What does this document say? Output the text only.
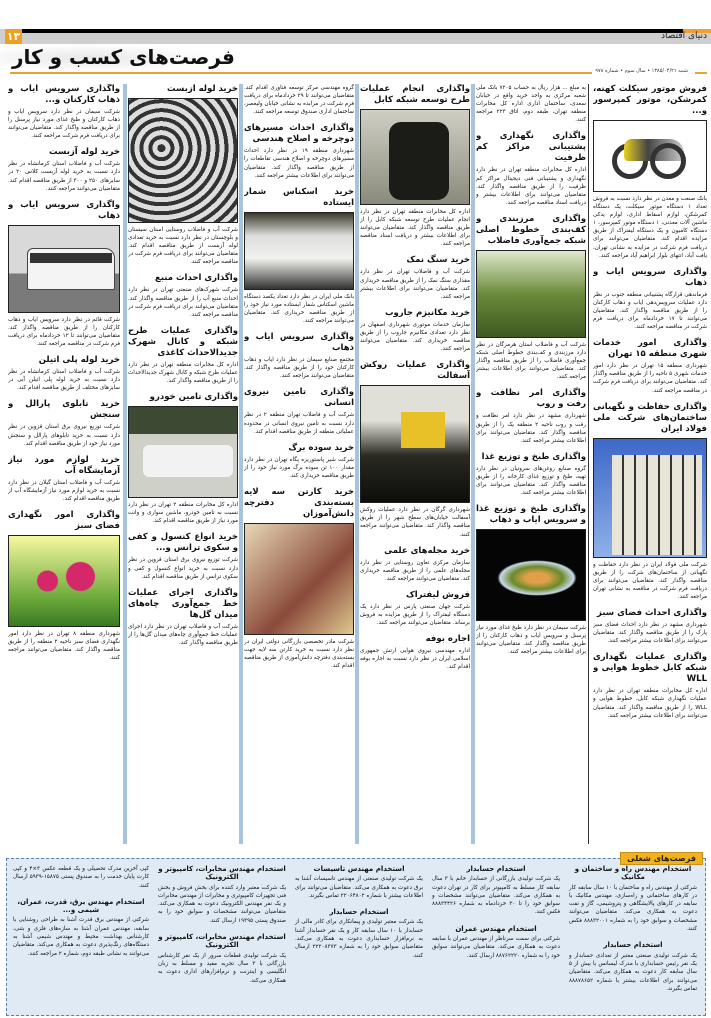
۱۳	دنیای اقتصاد
فرصت‌های کسب و کار
شنبه ۱۳۸۵/۰۴/۲۱ • سال سوم • شماره ۹۷۸
فروش موتور سیکلت کهنه، کمرشکن، موتور کمپرسور و...

بانک صنعت و معدن در نظر دارد نسبت به فروش تعداد ۱ دستگاه موتور سیکلت، یک دستگاه کمرشکن، لوازم اسقاط اداری، لوازم یدکی ماشین آلات معدنی، ۱ دستگاه موتور کمپرسور، ۱ دستگاه کامیون و یک دستگاه لیفتراک از طریق مزایده اقدام کند. متقاضیان می‌توانند برای دریافت فرم شرکت در مزایده به نشانی تهران، یافت آباد، انتهای بلوار ابراهیم آباد مراجعه کنند.

واگذاری سرویس ایاب و ذهاب

فرماندهی قرارگاه پشتیبانی منطقه جنوب در نظر دارد عملیات سرویس‌دهی ایاب و ذهاب کارکنان را از طریق مناقصه واگذار کند. متقاضیان می‌توانند تا ۱۷ خردادماه برای دریافت فرم شرکت در مناقصه مراجعه کنند.

واگذاری امور خدمات شهری منطقه ۱۵ تهران

شهرداری منطقه ۱۵ تهران در نظر دارد امور خدمات شهری ۵ ناحیه را از طریق مناقصه واگذار کند. متقاضیان می‌توانند برای دریافت فرم شرکت در مناقصه مراجعه کنند.

واگذاری حفاظت و نگهبانی ساختمان‌های شرکت ملی فولاد ایران

شرکت ملی فولاد ایران در نظر دارد حفاظت و نگهبانی از ساختمان‌های شرکت را از طریق مناقصه واگذار کند. متقاضیان می‌توانند برای دریافت فرم شرکت در مناقصه به نشانی تهران مراجعه کنند.

واگذاری احداث فضای سبز

شهرداری مشهد در نظر دارد احداث فضای سبز پارک را از طریق مناقصه واگذار کند. متقاضیان می‌توانند برای اطلاعات بیشتر مراجعه کنند.

واگذاری عملیات نگهداری شبکه کابل خطوط هوایی و WLL

اداره کل مخابرات منطقه تهران در نظر دارد عملیات نگهداری شبکه کابل، خطوط هوایی و WLL را از طریق مناقصه واگذار کند. متقاضیان می‌توانند برای اطلاعات بیشتر مراجعه کنند.

به مبلغ ... هزار ریال به حساب ۷۲۰۵ بانک ملی شعبه مرکزی به واحد خرید واقع در خیابان سعدی، ساختمان اداری اداره کل مخابرات منطقه تهران، طبقه دوم، اتاق ۲۲۳ مراجعه کنند.

واگذاری نگهداری و پشتیبانی مراکز کم ظرفیت

اداره کل مخابرات منطقه تهران در نظر دارد نگهداری و پشتیبانی فنی دیجیتال مراکز کم ظرفیت را از طریق مناقصه واگذار کند. متقاضیان می‌توانند برای اطلاعات بیشتر و دریافت اسناد مناقصه مراجعه کنند.

واگذاری مرزبندی و کف‌بندی خطوط اصلی شبکه جمع‌آوری فاضلاب

شرکت آب و فاضلاب استان هرمزگان در نظر دارد مرزبندی و کف‌بندی خطوط اصلی شبکه جمع‌آوری فاضلاب را از طریق مناقصه واگذار کند. متقاضیان می‌توانند برای اطلاعات بیشتر مراجعه کنند.

واگذاری امر نظافت و رفت و روب

شهرداری مشهد در نظر دارد امر نظافت و رفت و روب ناحیه ۲ منطقه یک را از طریق مناقصه واگذار کند. متقاضیان می‌توانند برای اطلاعات بیشتر مراجعه کنند.

واگذاری طبخ و توزیع غذا

گروه صنایع روغن‌های سروتیان در نظر دارد تهیه، طبخ و توزیع غذای کارخانه را از طریق مناقصه واگذار کند. متقاضیان می‌توانند برای اطلاعات بیشتر مراجعه کنند.

واگذاری طبخ و توزیع غذا و سرویس ایاب و ذهاب

شرکت سیمان در نظر دارد طبخ غذای مورد نیاز پرسنل و سرویس ایاب و ذهاب کارکنان را از طریق مناقصه واگذار کند. متقاضیان می‌توانند برای اطلاعات بیشتر مراجعه کنند.

واگذاری انجام عملیات طرح توسعه شبکه کابل

اداره کل مخابرات منطقه تهران در نظر دارد انجام عملیات طرح توسعه شبکه کابل را از طریق مناقصه واگذار کند. متقاضیان می‌توانند برای اطلاعات بیشتر و دریافت اسناد مناقصه مراجعه کنند.

خرید سنگ نمک

شرکت آب و فاضلاب تهران در نظر دارد مقداری سنگ نمک را از طریق مناقصه خریداری کند. متقاضیان می‌توانند برای اطلاعات بیشتر مراجعه کنند.

خرید مکانیزم جاروب

سازمان خدمات موتوری شهرداری اصفهان در نظر دارد تعدادی مکانیزم جاروب را از طریق مناقصه خریداری کند. متقاضیان می‌توانند مراجعه کنند.

واگذاری عملیات روکش آسفالت

شهرداری گرگان در نظر دارد عملیات روکش آسفالت خیابان‌های سطح شهر را از طریق مناقصه واگذار کند. متقاضیان می‌توانند مراجعه کنند.

خرید مجله‌های علمی

سازمان مرکزی تعاون روستایی در نظر دارد مجله‌های علمی را از طریق مناقصه خریداری کند. متقاضیان می‌توانند مراجعه کنند.

فروش لیفتراک

شرکت جهان صنعتی پارس در نظر دارد یک دستگاه لیفتراک را از طریق مزایده به فروش برساند. متقاضیان می‌توانند مراجعه کنند.

اجاره بوفه

اداره مهندسی نیروی هوایی ارتش جمهوری اسلامی ایران در نظر دارد نسبت به اجاره بوفه اقدام کند.

گروه مهندسی مرکز توسعه فناوری اقدام کند. متقاضیان می‌توانند تا ۲۹ خردادماه برای دریافت فرم شرکت در مزایده به نشانی خیابان ولیعصر، ساختمان اداری صندوق توسعه مراجعه کنند.

واگذاری احداث مسیرهای دوچرخه و اصلاح هندسی

شهرداری منطقه ۱۹ در نظر دارد احداث مسیرهای دوچرخه و اصلاح هندسی تقاطعات را از طریق مناقصه واگذار کند. متقاضیان می‌توانند برای اطلاعات بیشتر مراجعه کنند.

خرید اسکناس شمار ایستاده

بانک ملی ایران در نظر دارد تعداد یکصد دستگاه ماشین اسکناس شمار ایستاده مورد نیاز خود را از طریق مناقصه خریداری کند. متقاضیان می‌توانند مراجعه کنند.

واگذاری سرویس ایاب و ذهاب

مجتمع صنایع سیمان در نظر دارد ایاب و ذهاب کارکنان خود را از طریق مناقصه واگذار کند. متقاضیان می‌توانند مراجعه کنند.

واگذاری تامین نیروی انسانی

شرکت آب و فاضلاب تهران منطقه ۲ در نظر دارد نسبت به تامین نیروی انسانی در محدوده عملیاتی منطقه از طریق مناقصه اقدام کند.

خرید سوده برگ

شرکت شیر پاستوریزه پگاه تهران در نظر دارد مقدار ۱۰۰ تن سوده برگ مورد نیاز خود را از طریق مناقصه خریداری کند.

خرید کارتن سه لایه بسته‌بندی دفترچه دانش‌آموزان

شرکت مادر تخصصی بازرگانی دولتی ایران در نظر دارد نسبت به خرید کارتن سه لایه جهت بسته‌بندی دفترچه دانش‌آموزی از طریق مناقصه اقدام کند.

خرید لوله آزبست

شرکت آب و فاضلاب روستایی استان سیستان و بلوچستان در نظر دارد نسبت به خرید تعدادی لوله آزبست از طریق مناقصه اقدام کند. متقاضیان می‌توانند برای دریافت فرم شرکت در مناقصه مراجعه کنند.

واگذاری احداث منبع

شرکت شهرک‌های صنعتی تهران در نظر دارد احداث منبع آب را از طریق مناقصه واگذار کند. متقاضیان می‌توانند برای دریافت فرم شرکت در مناقصه مراجعه کنند.

واگذاری عملیات طرح شبکه و کانال شهرک جدیدالاحداث کاغذی

اداره کل مخابرات منطقه تهران در نظر دارد عملیات طرح شبکه و کانال شهرک جدیدالاحداث را از طریق مناقصه واگذار کند.

واگذاری تامین خودرو

اداره کل مخابرات منطقه ۲ تهران در نظر دارد نسبت به تامین خودرو، ماشین سواری و وانت مورد نیاز از طریق مناقصه اقدام کند.

خرید انواع کنسول و کفی و سکوی ترانس و...

شرکت توزیع نیروی برق استان قزوین در نظر دارد نسبت به خرید انواع کنسول و کفی و سکوی ترانس از طریق مناقصه اقدام کند.

واگذاری اجرای عملیات خط جمع‌آوری چاه‌های میدان گل‌ها

شرکت آب و فاضلاب تهران در نظر دارد اجرای عملیات خط جمع‌آوری چاه‌های میدان گل‌ها را از طریق مناقصه واگذار کند.

واگذاری سرویس ایاب و ذهاب کارکنان و...

شرکت سیمان در نظر دارد سرویس ایاب و ذهاب کارکنان و طبخ غذای مورد نیاز پرسنل را از طریق مناقصه واگذار کند. متقاضیان می‌توانند برای دریافت فرم شرکت مراجعه کنند.

خرید لوله آزبست

شرکت آب و فاضلاب استان کرمانشاه در نظر دارد نسبت به خرید لوله آزبست کلاس ۲۰ در سایزهای ۲۵۰ و ۳۰۰ از طریق مناقصه اقدام کند. متقاضیان می‌توانند مراجعه کنند.

واگذاری سرویس ایاب و ذهاب

شرکت قائم در نظر دارد سرویس ایاب و ذهاب کارکنان را از طریق مناقصه واگذار کند. متقاضیان می‌توانند تا ۱۲ خردادماه برای دریافت فرم شرکت در مناقصه مراجعه کنند.

خرید لوله پلی اتیلن

شرکت آب و فاضلاب استان کرمانشاه در نظر دارد نسبت به خرید لوله پلی اتیلن آبی در سایزهای مختلف از طریق مناقصه اقدام کند.

خرید تابلوی پارالل و سنجش

شرکت توزیع نیروی برق استان قزوین در نظر دارد نسبت به خرید تابلوهای پارالل و سنجش مورد نیاز خود از طریق مناقصه اقدام کند.

خرید لوازم مورد نیاز آزمایشگاه آب

شرکت آب و فاضلاب استان گیلان در نظر دارد نسبت به خرید لوازم مورد نیاز آزمایشگاه آب از طریق مناقصه اقدام کند.

واگذاری امور نگهداری فضای سبز

شهرداری منطقه ۸ تهران در نظر دارد امور نگهداری فضای سبز ناحیه ۲ منطقه را از طریق مناقصه واگذار کند. متقاضیان می‌توانند مراجعه کنند.

فرصت‌های شغلی
استخدام مهندس راه و ساختمان و مکانیک

شرکتی از مهندس راه و ساختمان با ۱۰ سال سابقه کار در کارهای ساختمانی و راه‌سازی، مهندس مکانیک با سابقه در کارهای پالایشگاهی و پتروشیمی، گاز و نفت دعوت به همکاری می‌کند. متقاضیان می‌توانند مشخصات و سوابق خود را به شماره ۸۸۸۳۲۰۰۱ فکس کنند.

استخدام حسابدار

یک شرکت تولیدی صنعتی معتبر از تعدادی حسابدار و یک نفر رئیس حسابداری با مدرک لیسانس با بیش از ۵ سال سابقه کار دعوت به همکاری می‌کند. متقاضیان می‌توانند برای اطلاعات بیشتر با شماره ۸۸۸۷۸۶۵۲ تماس بگیرند.

استخدام حسابدار

یک شرکت تولیدی بازرگانی از حسابدار خانم با ۳ سال سابقه کار مسلط به کامپیوتر برای کار در تهران دعوت به همکاری می‌کند. متقاضیان می‌توانند مشخصات و سوابق خود را تا ۳۰ خردادماه به شماره ۸۸۸۳۴۴۲۶ فکس کنند.

استخدام مهندس عمران

شرکتی برای سمت سرناظر از مهندس عمران با سابقه دعوت به همکاری می‌کند. متقاضیان می‌توانند سوابق خود را به شماره ۸۸۷۶۲۲۲۰ ارسال کنند.

استخدام مهندس تاسیسات

یک شرکت تولیدی صنعتی از مهندس تاسیسات آشنا به برق دعوت به همکاری می‌کند. متقاضیان می‌توانند برای اطلاعات بیشتر با شماره ۲۲۰۶۴۸۰۲ تماس بگیرند.

استخدام حسابدار

یک شرکت معتبر تولیدی و پیمانکاری برای کادر مالی از حسابدار با ۱۰ سال سابقه کار و یک نفر حسابدار آشنا به نرم‌افزار حسابداری دعوت به همکاری می‌کند. متقاضیان سوابق خود را به شماره ۲۲۲۰۸۳۷۳ ارسال کنند.

استخدام مهندس مخابرات، کامپیوتر و الکترونیک

یک شرکت معتبر وارد کننده برای بخش فروش و بخش فنی تجهیزات کامپیوتری و مخابرات از مهندس مخابرات و یک نفر مهندس الکترونیک دعوت به همکاری می‌کند. متقاضیان می‌توانند مشخصات و سوابق خود را به صندوق پستی ۱۹۳۹۵ ارسال کنند.

استخدام مهندس مخابرات، کامپیوتر و الکترونیک

یک شرکت تولیدی قطعات سرور از یک نفر کارشناس بازرگانی با ۳ سال تجربه مفید و مسلط به زبان انگلیسی و اینترنت و نرم‌افزارهای اداری دعوت به همکاری می‌کند.

کپی آخرین مدرک تحصیلی و یک قطعه عکس ۳×۴ و کپی کارت پایان خدمت را به صندوق پستی ۱۵۸۷۵-۵۹۳۹ ارسال کنند.

استخدام مهندس برق، قدرت، عمران، شیمی و...

شرکتی از مهندس برق قدرت آشنا به طراحی روشنایی با سابقه، مهندس عمران آشنا به سازه‌های فلزی و بتنی، کارشناس بهداشت محیط و مهندس شیمی آشنا به دستگاه‌های رنگ‌پذیری دعوت به همکاری می‌کند. متقاضیان می‌توانند به نشانی طبقه دوم، شماره ۲ مراجعه کنند.
